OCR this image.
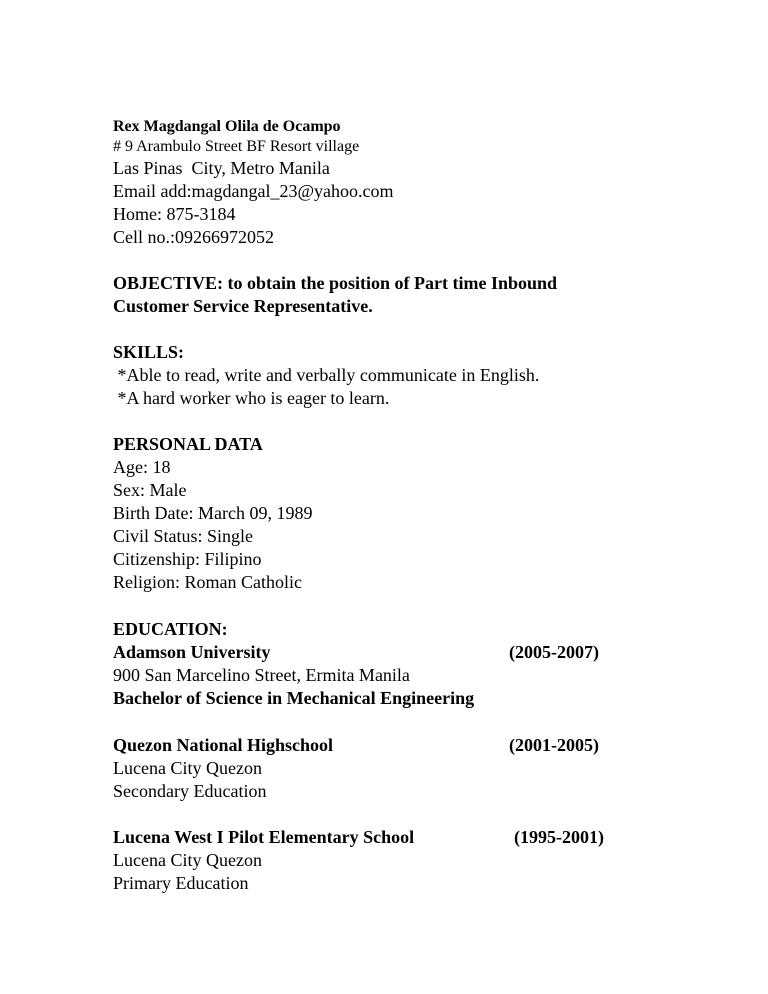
Rex Magdangal Olila de Ocampo
# 9 Arambulo Street BF Resort village
Las Pinas  City, Metro Manila
Email add:magdangal_23@yahoo.com
Home: 875-3184
Cell no.:09266972052
OBJECTIVE: to obtain the position of Part time Inbound
Customer Service Representative.
SKILLS:
*Able to read, write and verbally communicate in English.
*A hard worker who is eager to learn.
PERSONAL DATA
Age: 18
Sex: Male
Birth Date: March 09, 1989
Civil Status: Single
Citizenship: Filipino
Religion: Roman Catholic
EDUCATION:
Adamson University	(2005-2007)
900 San Marcelino Street, Ermita Manila
Bachelor of Science in Mechanical Engineering
Quezon National Highschool	(2001-2005)
Lucena City Quezon
Secondary Education
Lucena West I Pilot Elementary School	(1995-2001)
Lucena City Quezon
Primary Education
